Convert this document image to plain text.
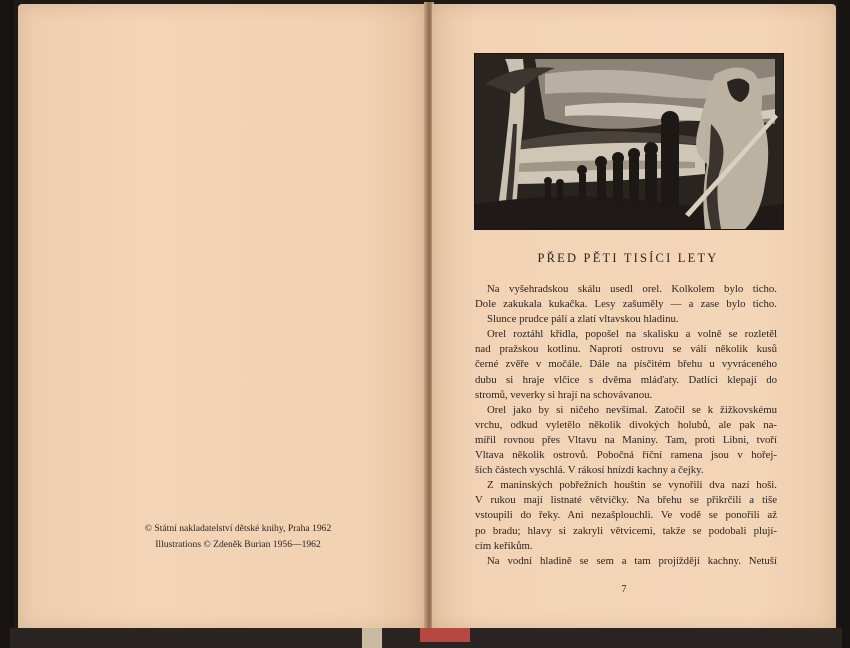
© Státní nakladatelství dětské knihy, Praha 1962
Illustrations © Zdeněk Burian 1956—1962
PŘED PĚTI TISÍCI LETY
Na vyšehradskou skálu usedl orel. Kolkolem bylo ticho.
Dole zakukala kukačka. Lesy zašuměly — a zase bylo ticho.
Slunce prudce pálí a zlatí vltavskou hladinu.
Orel roztáhl křídla, popošel na skalisku a volně se rozletěl
nad pražskou kotlinu. Naproti ostrovu se válí několik kusů
černé zvěře v močále. Dále na písčitém břehu u vyvráceného
dubu si hraje vlčice s dvěma mláďaty. Datlíci klepají do
stromů, veverky si hrají na schovávanou.
Orel jako by si ničeho nevšímal. Zatočil se k žižkovskému
vrchu, odkud vyletělo několik divokých holubů, ale pak na-
mířil rovnou přes Vltavu na Maniny. Tam, proti Libni, tvoří
Vltava několik ostrovů. Pobočná říční ramena jsou v hořej-
ších částech vyschlá. V rákosí hnízdí kachny a čejky.
Z maninských pobřežních houštin se vynořili dva nazí hoši.
V rukou mají listnaté větvičky. Na břehu se přikrčili a tiše
vstoupili do řeky. Ani nezašplouchli. Ve vodě se ponořili až
po bradu; hlavy si zakryli větvicemi, takže se podobali plují-
cím keříkům.
Na vodní hladině se sem a tam projíždějí kachny. Netuší
7
